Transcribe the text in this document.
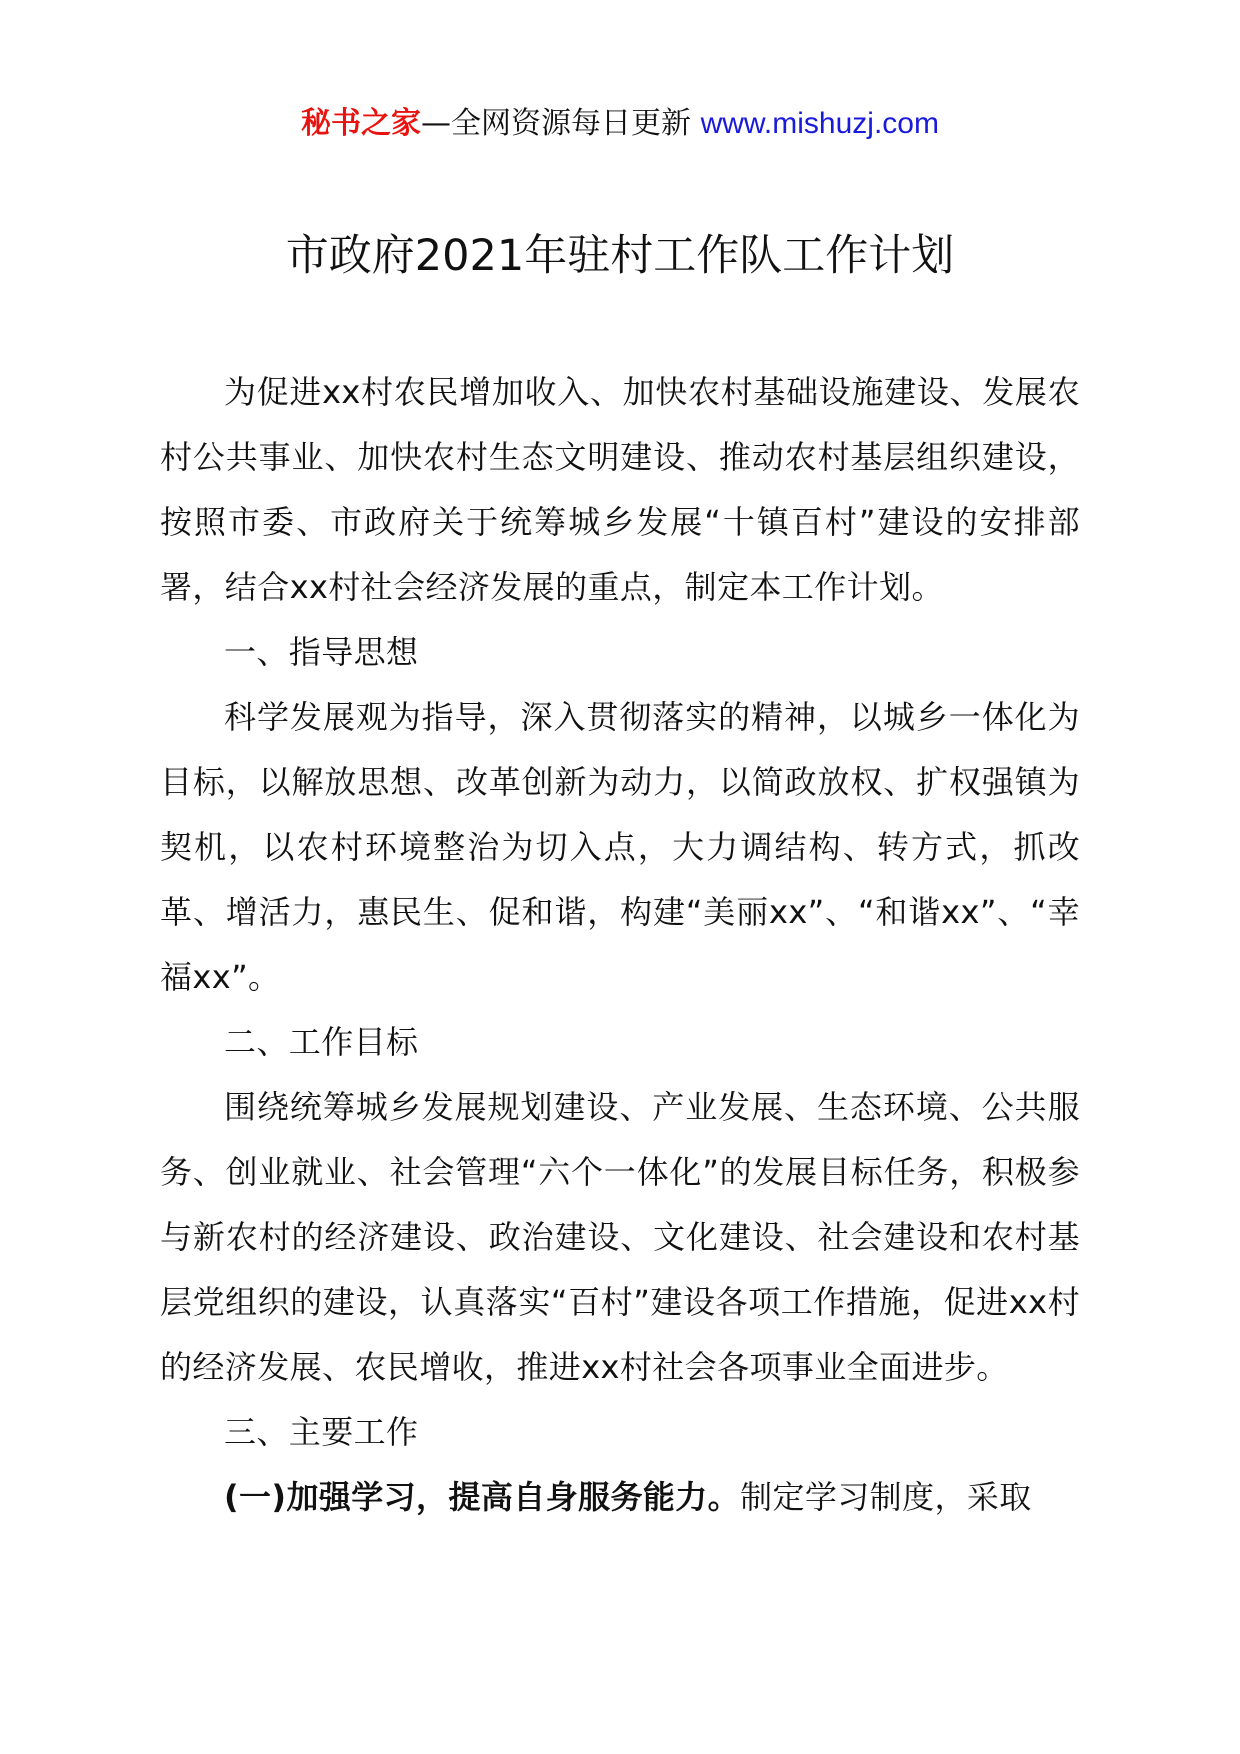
秘书之家—全网资源每日更新 www.mishuzj.com
市政府2021年驻村工作队工作计划

为促进xx村农民增加收入、加快农村基础设施建设、发展农村公共事业、加快农村生态文明建设、推动农村基层组织建设，按照市委、市政府关于统筹城乡发展“十镇百村”建设的安排部署，结合xx村社会经济发展的重点，制定本工作计划。

一、指导思想

科学发展观为指导，深入贯彻落实的精神，以城乡一体化为目标，以解放思想、改革创新为动力，以简政放权、扩权强镇为契机，以农村环境整治为切入点，大力调结构、转方式，抓改革、增活力，惠民生、促和谐，构建“美丽xx”、“和谐xx”、“幸福xx”。

二、工作目标

围绕统筹城乡发展规划建设、产业发展、生态环境、公共服务、创业就业、社会管理“六个一体化”的发展目标任务，积极参与新农村的经济建设、政治建设、文化建设、社会建设和农村基层党组织的建设，认真落实“百村”建设各项工作措施，促进xx村的经济发展、农民增收，推进xx村社会各项事业全面进步。

三、主要工作

(一)加强学习，提高自身服务能力。制定学习制度，采取
